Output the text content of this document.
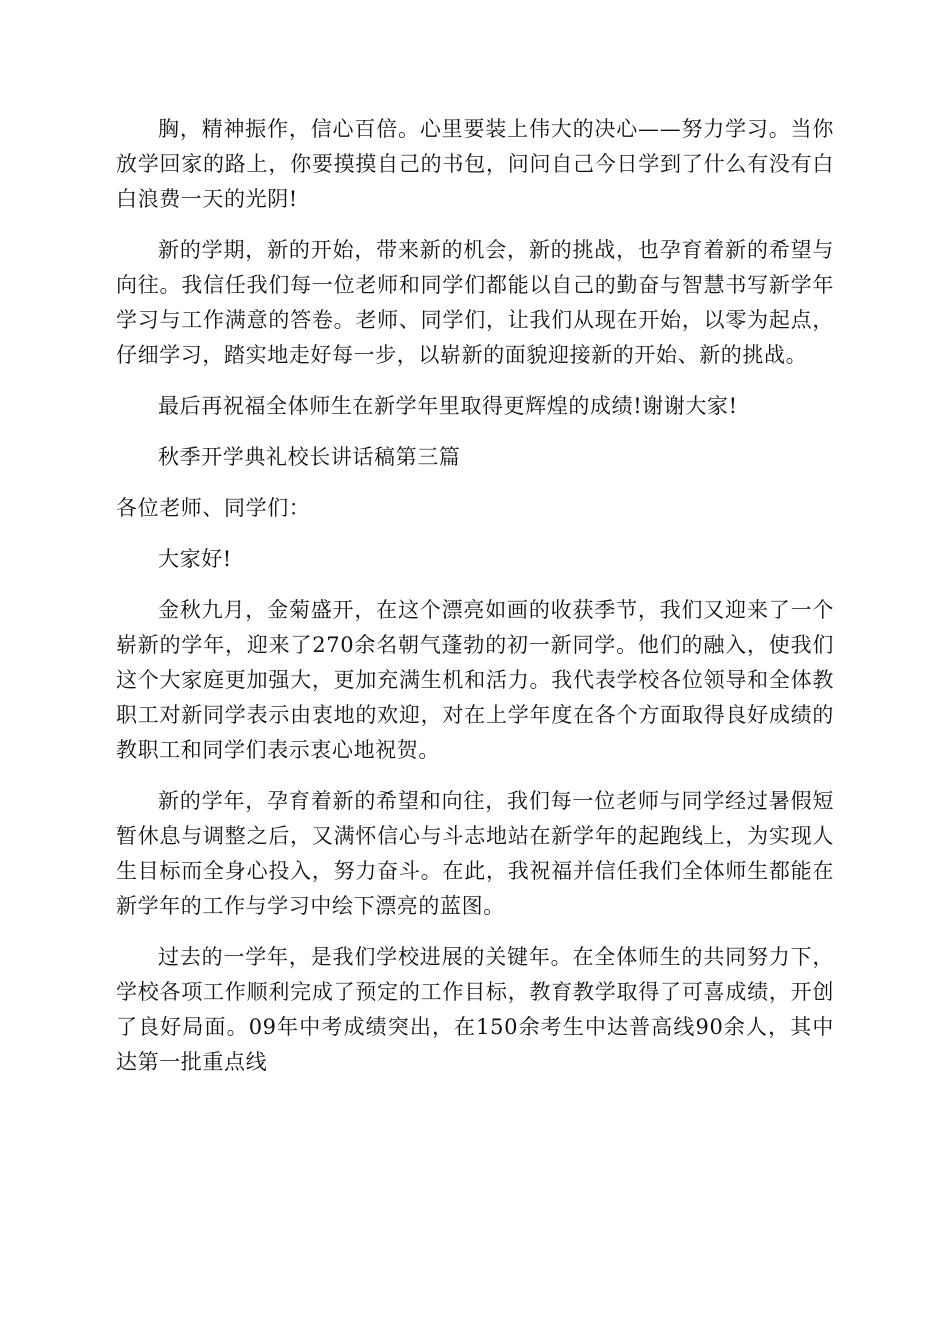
胸，精神振作，信心百倍。心里要装上伟大的决心——努力学习。当你放学回家的路上，你要摸摸自己的书包，问问自己今日学到了什么有没有白白浪费一天的光阴!

新的学期，新的开始，带来新的机会，新的挑战，也孕育着新的希望与向往。我信任我们每一位老师和同学们都能以自己的勤奋与智慧书写新学年学习与工作满意的答卷。老师、同学们，让我们从现在开始，以零为起点，仔细学习，踏实地走好每一步，以崭新的面貌迎接新的开始、新的挑战。

最后再祝福全体师生在新学年里取得更辉煌的成绩!谢谢大家!

秋季开学典礼校长讲话稿第三篇

各位老师、同学们：

大家好!

金秋九月，金菊盛开，在这个漂亮如画的收获季节，我们又迎来了一个崭新的学年，迎来了270余名朝气蓬勃的初一新同学。他们的融入，使我们这个大家庭更加强大，更加充满生机和活力。我代表学校各位领导和全体教职工对新同学表示由衷地的欢迎，对在上学年度在各个方面取得良好成绩的教职工和同学们表示衷心地祝贺。

新的学年，孕育着新的希望和向往，我们每一位老师与同学经过暑假短暂休息与调整之后，又满怀信心与斗志地站在新学年的起跑线上，为实现人生目标而全身心投入，努力奋斗。在此，我祝福并信任我们全体师生都能在新学年的工作与学习中绘下漂亮的蓝图。

过去的一学年，是我们学校进展的关键年。在全体师生的共同努力下，学校各项工作顺利完成了预定的工作目标，教育教学取得了可喜成绩，开创了良好局面。09年中考成绩突出，在150余考生中达普高线90余人，其中达第一批重点线
